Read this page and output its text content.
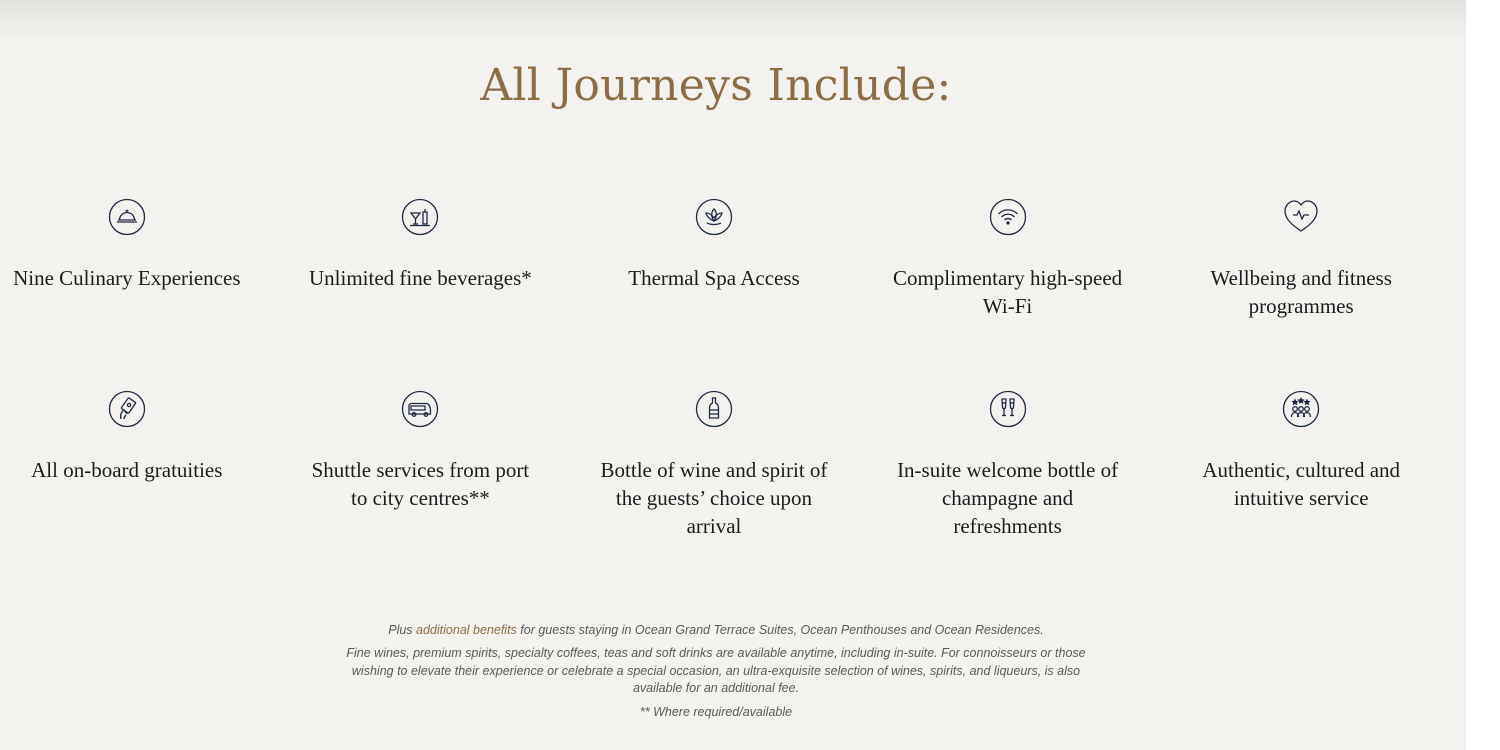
All Journeys Include:
Nine Culinary Experiences	Unlimited fine beverages*	Thermal Spa Access	Complimentary high-speed Wi-Fi
Wellbeing and fitness programmes
All on-board gratuities	Shuttle services from port to city centres**
Bottle of wine and spirit of the guests’ choice upon arrival
In-suite welcome bottle of champagne and refreshments
Authentic, cultured and intuitive service

Plus additional benefits for guests staying in Ocean Grand Terrace Suites, Ocean Penthouses and Ocean Residences.

Fine wines, premium spirits, specialty coffees, teas and soft drinks are available anytime, including in-suite. For connoisseurs or those wishing to elevate their experience or celebrate a special occasion, an ultra-exquisite selection of wines, spirits, and liqueurs, is also available for an additional fee.

** Where required/available
